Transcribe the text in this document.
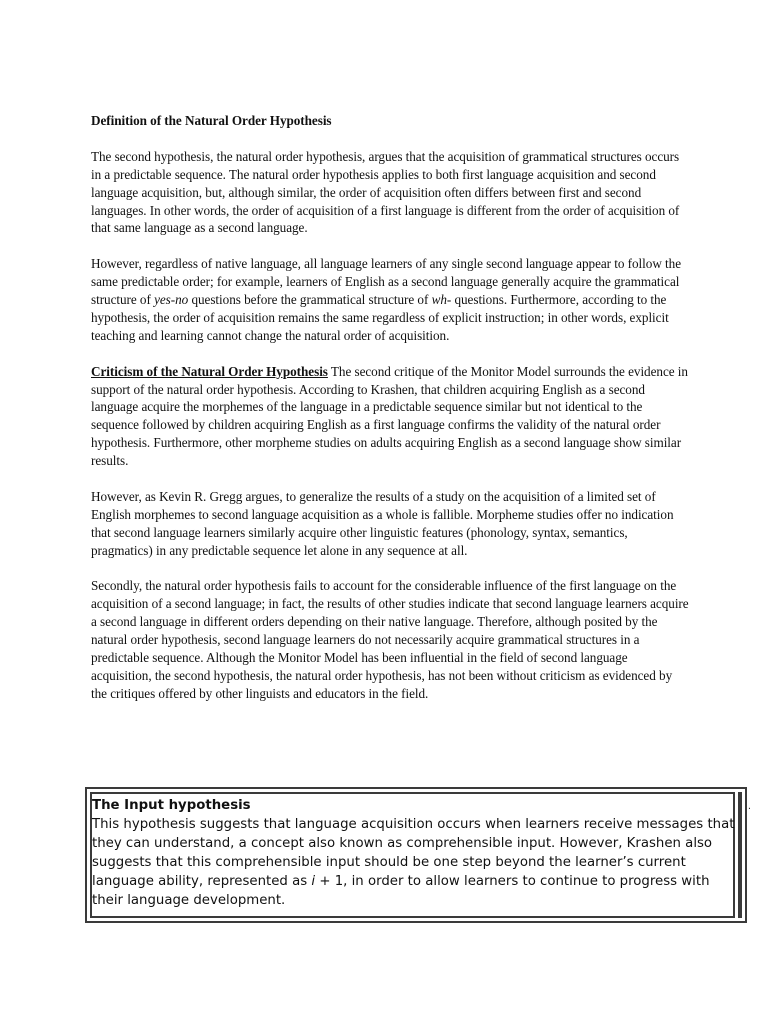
Definition of the Natural Order Hypothesis

The second hypothesis, the natural order hypothesis, argues that the acquisition of grammatical structures occurs in a predictable sequence. The natural order hypothesis applies to both first language acquisition and second language acquisition, but, although similar, the order of acquisition often differs between first and second languages. In other words, the order of acquisition of a first language is different from the order of acquisition of that same language as a second language.

However, regardless of native language, all language learners of any single second language appear to follow the same predictable order; for example, learners of English as a second language generally acquire the grammatical structure of yes-no questions before the grammatical structure of wh- questions. Furthermore, according to the hypothesis, the order of acquisition remains the same regardless of explicit instruction; in other words, explicit teaching and learning cannot change the natural order of acquisition.

Criticism of the Natural Order Hypothesis The second critique of the Monitor Model surrounds the evidence in support of the natural order hypothesis. According to Krashen, that children acquiring English as a second language acquire the morphemes of the language in a predictable sequence similar but not identical to the sequence followed by children acquiring English as a first language confirms the validity of the natural order hypothesis. Furthermore, other morpheme studies on adults acquiring English as a second language show similar results.

However, as Kevin R. Gregg argues, to generalize the results of a study on the acquisition of a limited set of English morphemes to second language acquisition as a whole is fallible. Morpheme studies offer no indication that second language learners similarly acquire other linguistic features (phonology, syntax, semantics, pragmatics) in any predictable sequence let alone in any sequence at all.

Secondly, the natural order hypothesis fails to account for the considerable influence of the first language on the acquisition of a second language; in fact, the results of other studies indicate that second language learners acquire a second language in different orders depending on their native language. Therefore, although posited by the natural order hypothesis, second language learners do not necessarily acquire grammatical structures in a predictable sequence. Although the Monitor Model has been influential in the field of second language acquisition, the second hypothesis, the natural order hypothesis, has not been without criticism as evidenced by the critiques offered by other linguists and educators in the field.

.
The Input hypothesis
This hypothesis suggests that language acquisition occurs when learners receive messages that they can understand, a concept also known as comprehensible input. However, Krashen also suggests that this comprehensible input should be one step beyond the learner’s current language ability, represented as i + 1, in order to allow learners to continue to progress with their language development.
